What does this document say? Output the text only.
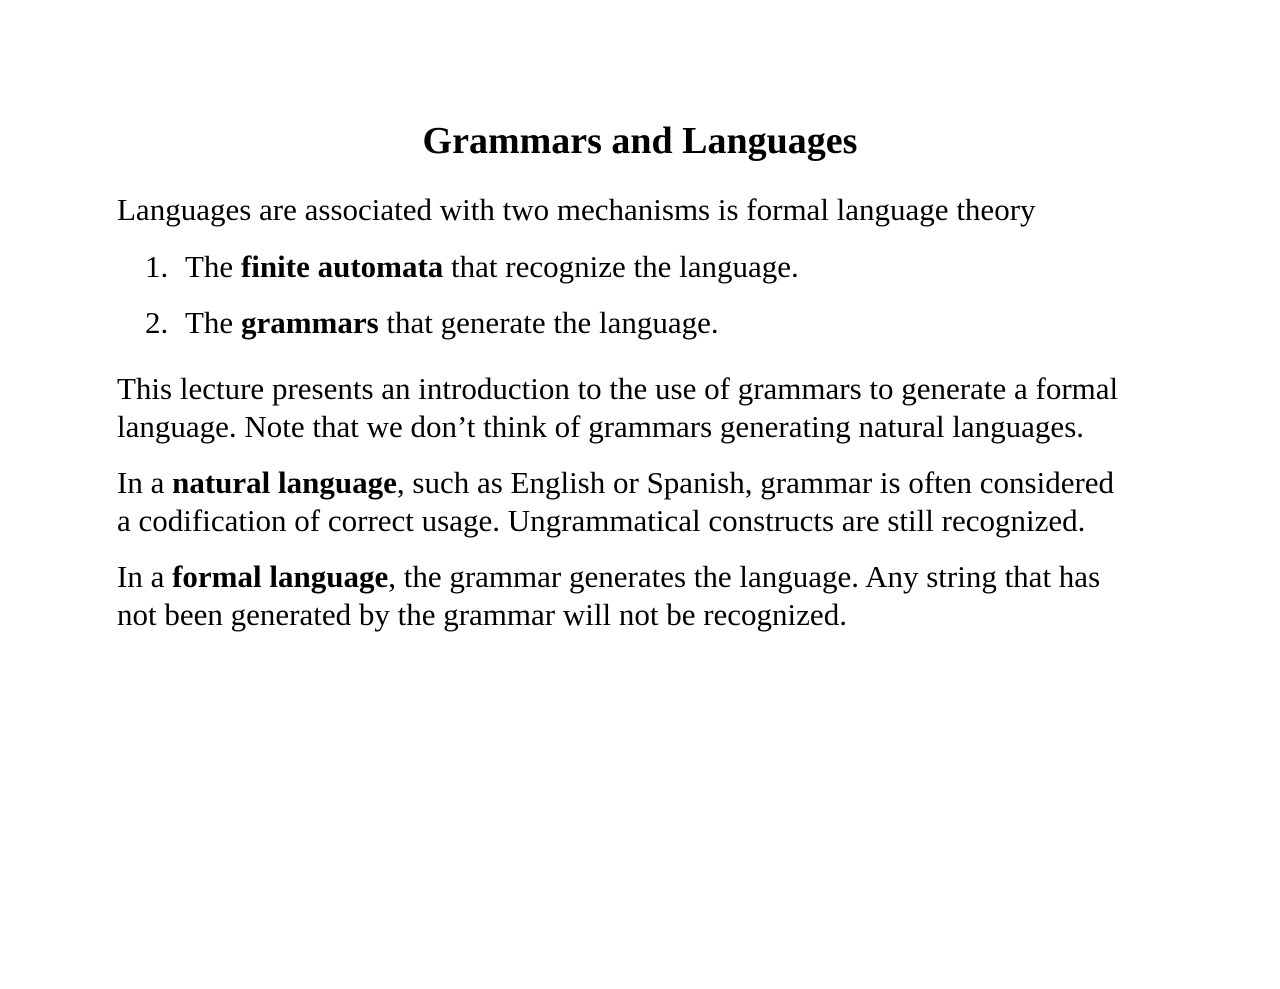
Grammars and Languages

Languages are associated with two mechanisms is formal language theory

1. The finite automata that recognize the language.

2. The grammars that generate the language.

This lecture presents an introduction to the use of grammars to generate a formal

language. Note that we don’t think of grammars generating natural languages.

In a natural language, such as English or Spanish, grammar is often considered

a codification of correct usage. Ungrammatical constructs are still recognized.

In a formal language, the grammar generates the language. Any string that has

not been generated by the grammar will not be recognized.
